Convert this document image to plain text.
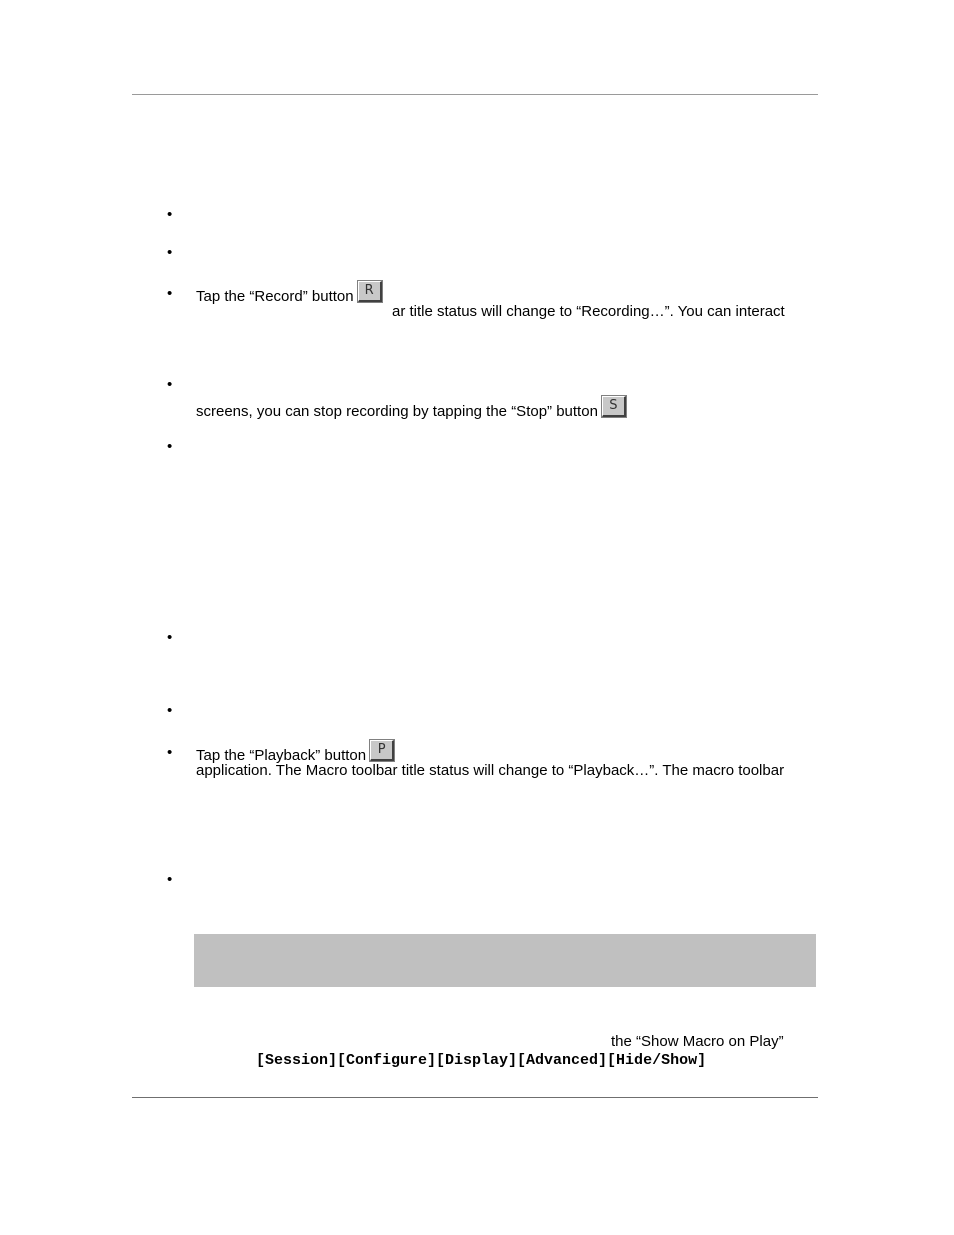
•
•
•
•
•
•
•
•
•
Tap the “Record” button R
ar title status will change to “Recording…”. You can interact
screens, you can stop recording by tapping the “Stop” button S
Tap the “Playback” button P
application. The Macro toolbar title status will change to “Playback…”. The macro toolbar
the “Show Macro on Play”
[Session][Configure][Display][Advanced][Hide/Show]
